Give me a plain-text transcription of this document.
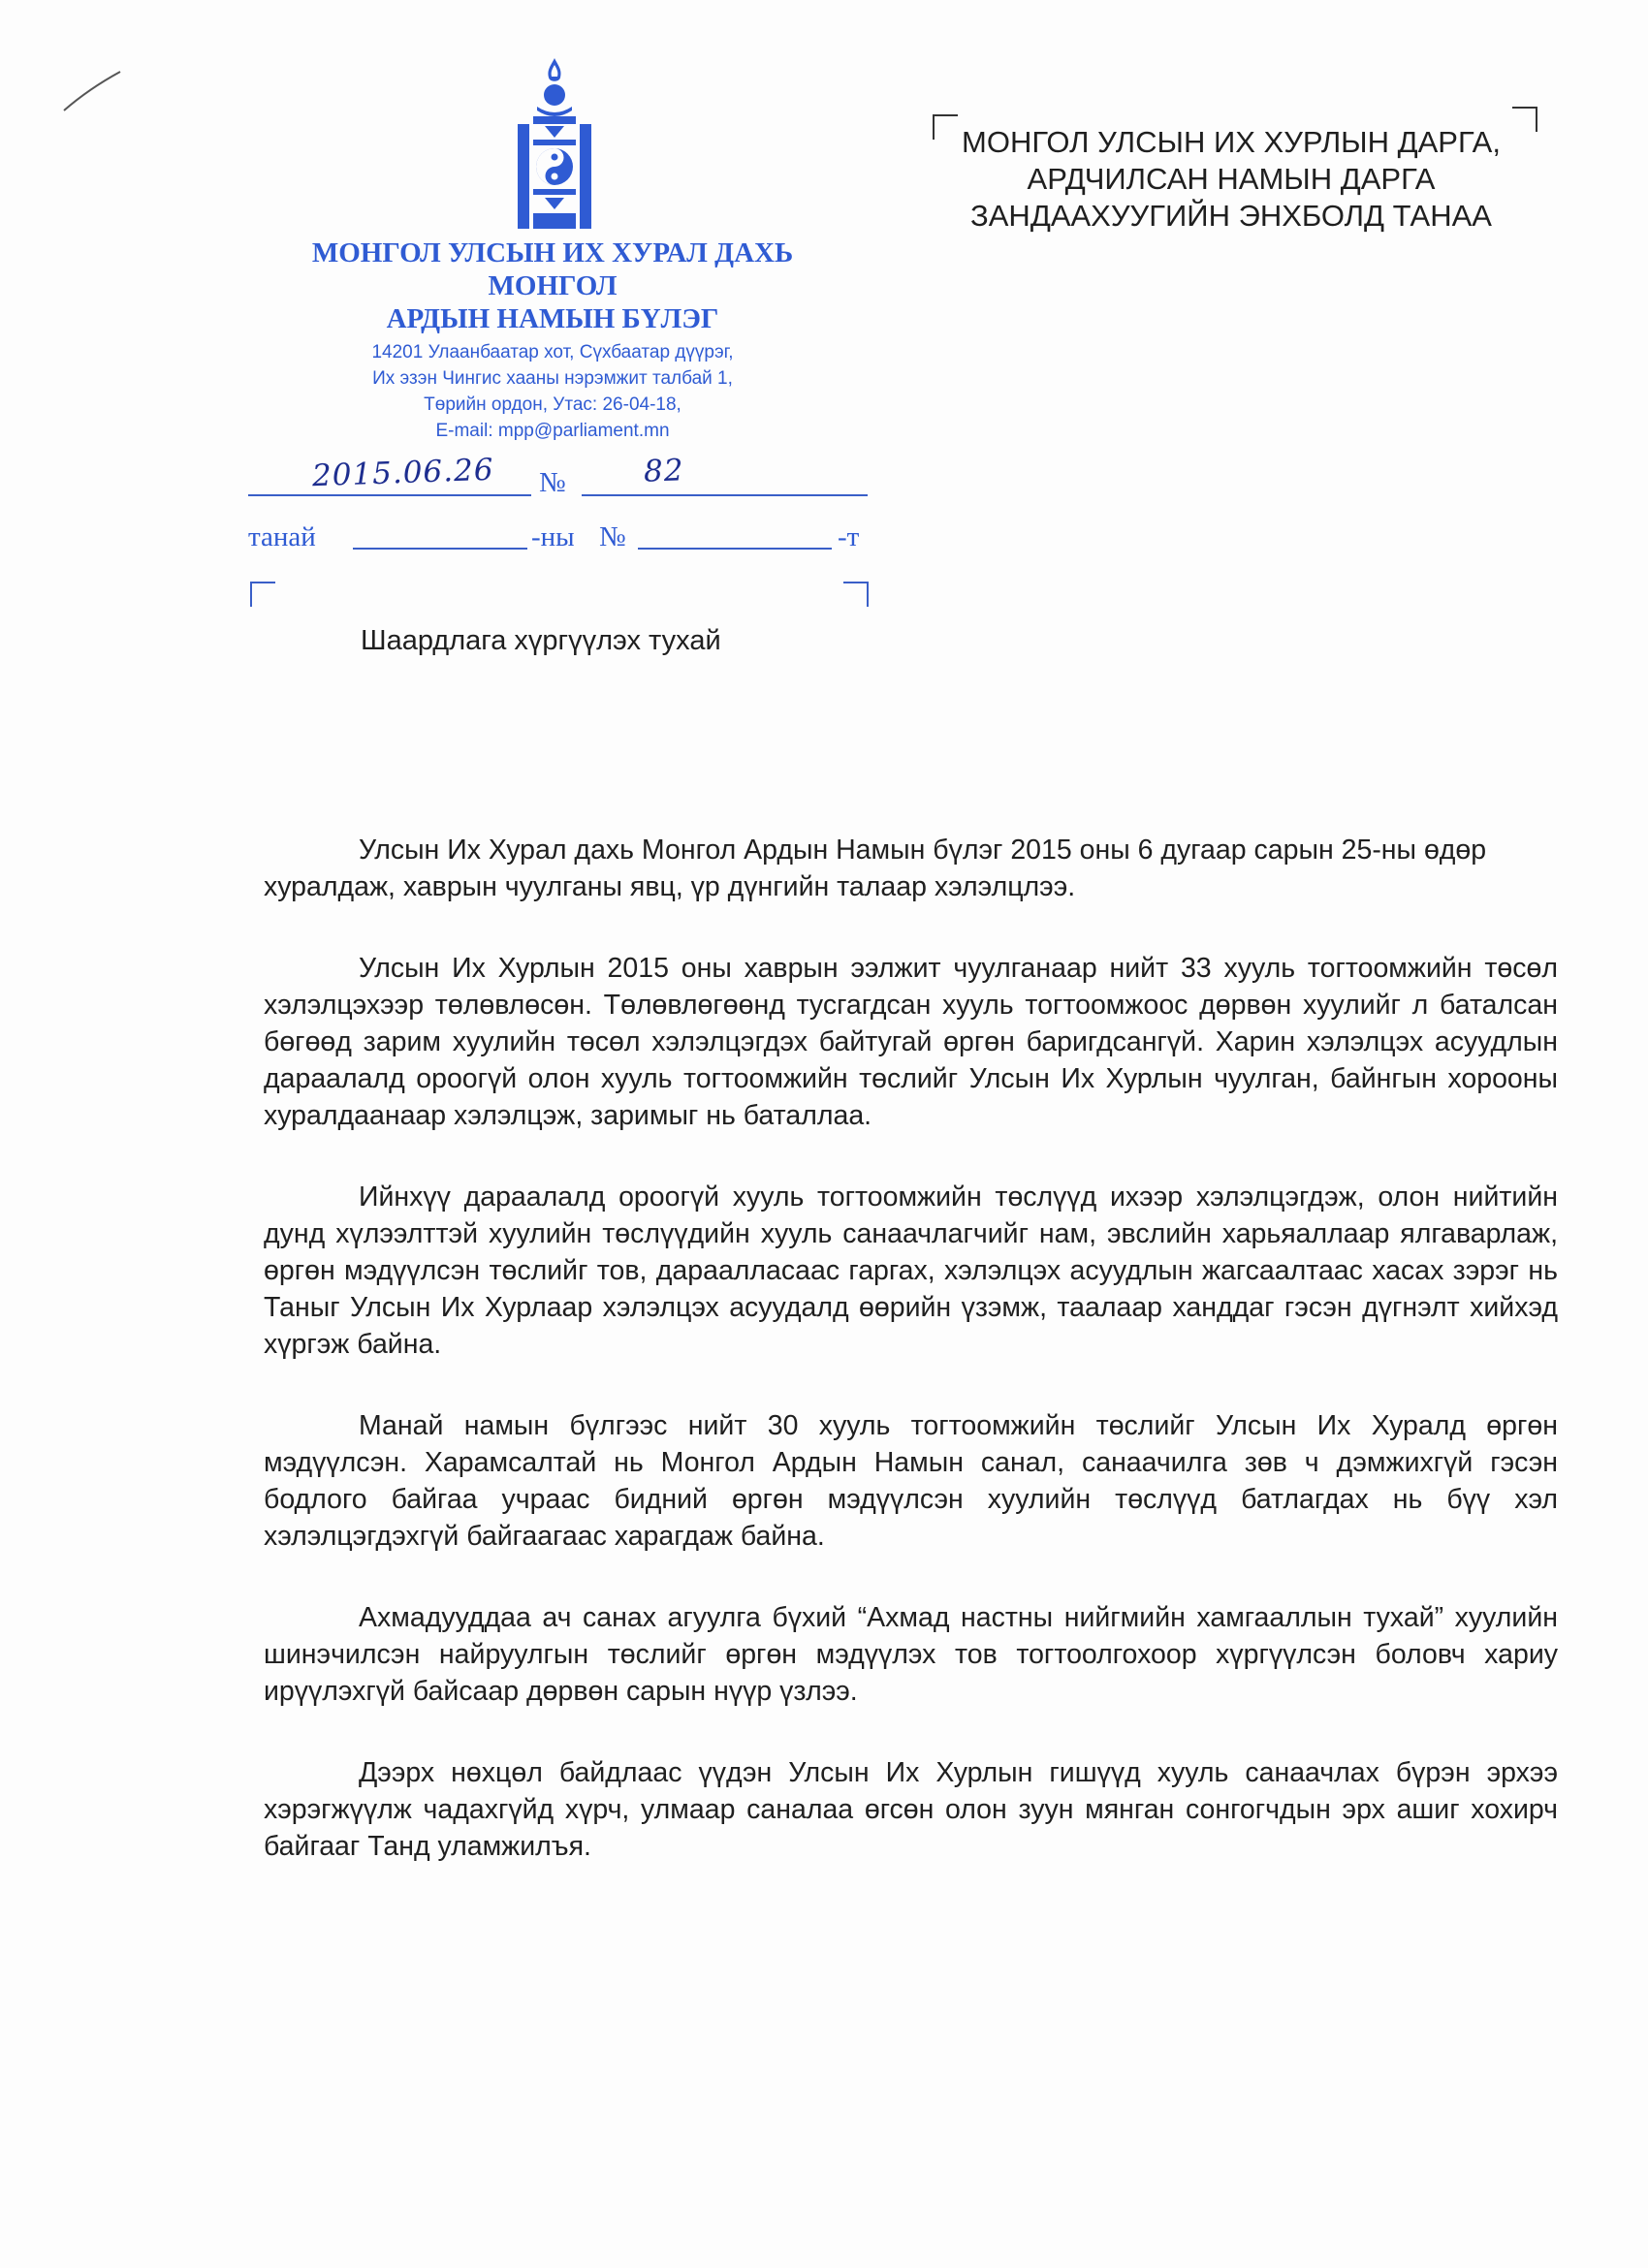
МОНГОЛ УЛСЫН ИХ ХУРАЛ ДАХЬ
МОНГОЛ
АРДЫН НАМЫН БҮЛЭГ
14201 Улаанбаатар хот, Сүхбаатар дүүрэг,
Их эзэн Чингис хааны нэрэмжит талбай 1,
Төрийн ордон, Утас: 26-04-18,
E-mail: mpp@parliament.mn
2015.06.26 №	82
танай	-ны №	-т
МОНГОЛ УЛСЫН ИХ ХУРЛЫН ДАРГА,
АРДЧИЛСАН НАМЫН ДАРГА
ЗАНДААХУУГИЙН ЭНХБОЛД ТАНАА
Шаардлага хүргүүлэх тухай

Улсын Их Хурал дахь Монгол Ардын Намын бүлэг 2015 оны 6 дугаар сарын 25-ны өдөр хуралдаж, хаврын чуулганы явц, үр дүнгийн талаар хэлэлцлээ.

Улсын Их Хурлын 2015 оны хаврын ээлжит чуулганаар нийт 33 хууль тогтоомжийн төсөл хэлэлцэхээр төлөвлөсөн. Төлөвлөгөөнд тусгагдсан хууль тогтоомжоос дөрвөн хуулийг л баталсан бөгөөд зарим хуулийн төсөл хэлэлцэгдэх байтугай өргөн баригдсангүй. Харин хэлэлцэх асуудлын дараалалд ороогүй олон хууль тогтоомжийн төслийг Улсын Их Хурлын чуулган, байнгын хорооны хуралдаанаар хэлэлцэж, заримыг нь баталлаа.

Ийнхүү дараалалд ороогүй хууль тогтоомжийн төслүүд ихээр хэлэлцэгдэж, олон нийтийн дунд хүлээлттэй хуулийн төслүүдийн хууль санаачлагчийг нам, эвслийн харьяаллаар ялгаварлаж, өргөн мэдүүлсэн төслийг тов, дараалласаас гаргах, хэлэлцэх асуудлын жагсаалтаас хасах зэрэг нь Таныг Улсын Их Хурлаар хэлэлцэх асуудалд өөрийн үзэмж, таалаар ханддаг гэсэн дүгнэлт хийхэд хүргэж байна.

Манай намын бүлгээс нийт 30 хууль тогтоомжийн төслийг Улсын Их Хуралд өргөн мэдүүлсэн. Харамсалтай нь Монгол Ардын Намын санал, санаачилга зөв ч дэмжихгүй гэсэн бодлого байгаа учраас бидний өргөн мэдүүлсэн хуулийн төслүүд батлагдах нь бүү хэл хэлэлцэгдэхгүй байгаагаас харагдаж байна.

Ахмадууддаа ач санах агуулга бүхий “Ахмад настны нийгмийн хамгааллын тухай” хуулийн шинэчилсэн найруулгын төслийг өргөн мэдүүлэх тов тогтоолгохоор хүргүүлсэн боловч хариу ирүүлэхгүй байсаар дөрвөн сарын нүүр үзлээ.

Дээрх нөхцөл байдлаас үүдэн Улсын Их Хурлын гишүүд хууль санаачлах бүрэн эрхээ хэрэгжүүлж чадахгүйд хүрч, улмаар саналаа өгсөн олон зуун мянган сонгогчдын эрх ашиг хохирч байгааг Танд уламжилъя.
